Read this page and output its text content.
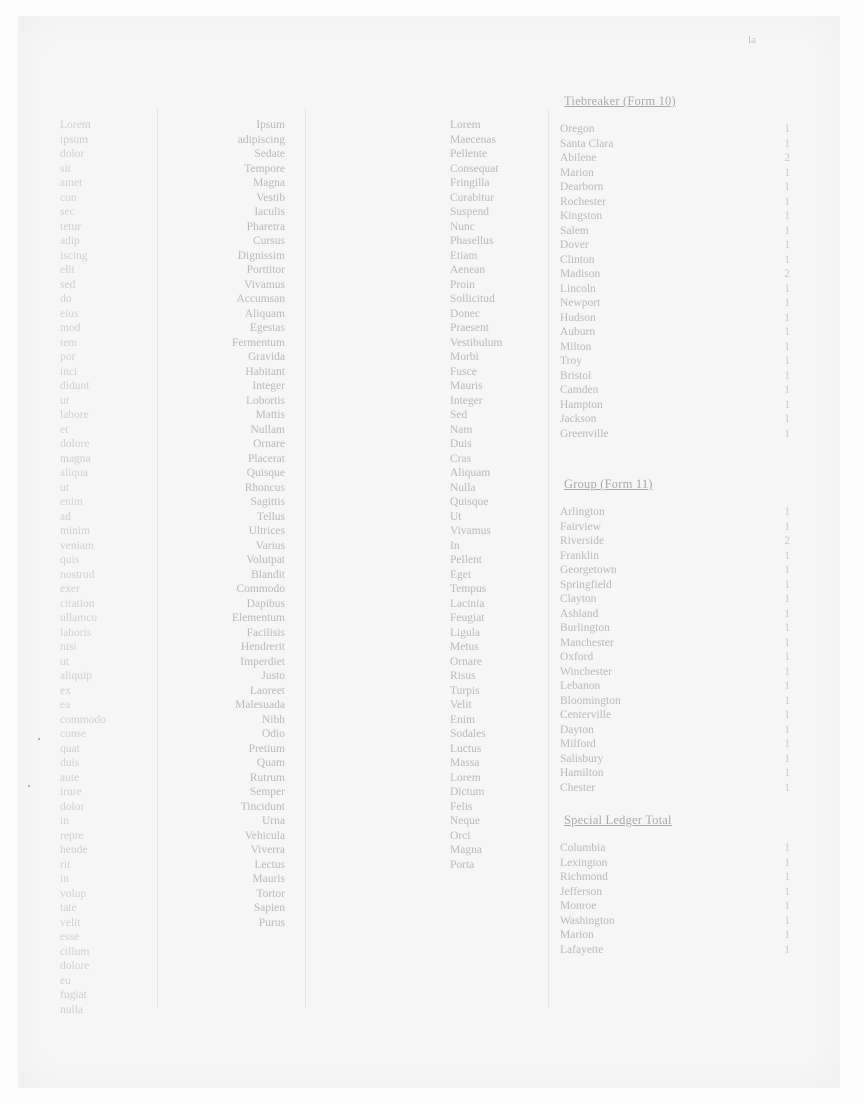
la
Tiebreaker (Form 10)
Group (Form 11)
Special Ledger Total
Lorem
ipsum
dolor
sit
amet
con
sec
tetur
adip
iscing
elit
sed
do
eius
mod
tem
por
inci
didunt
ut
labore
et
dolore
magna
aliqua
ut
enim
ad
minim
veniam
quis
nostrud
exer
citation
ullamco
laboris
nisi
ut
aliquip
ex
ea
commodo
conse
quat
duis
aute
irure
dolor
in
repre
hende
rit
in
volup
tate
velit
esse
cillum
dolore
eu
fugiat
nulla
Ipsum
adipiscing
Sedate
Tempore
Magna
Vestib
Iaculis
Pharetra
Cursus
Dignissim
Porttitor
Vivamus
Accumsan
Aliquam
Egestas
Fermentum
Gravida
Habitant
Integer
Lobortis
Mattis
Nullam
Ornare
Placerat
Quisque
Rhoncus
Sagittis
Tellus
Ultrices
Varius
Volutpat
Blandit
Commodo
Dapibus
Elementum
Facilisis
Hendrerit
Imperdiet
Justo
Laoreet
Malesuada
Nibh
Odio
Pretium
Quam
Rutrum
Semper
Tincidunt
Urna
Vehicula
Viverra
Lectus
Mauris
Tortor
Sapien
Purus
Lorem
Maecenas
Pellente
Consequat
Fringilla
Curabitur
Suspend
Nunc
Phasellus
Etiam
Aenean
Proin
Sollicitud
Donec
Praesent
Vestibulum
Morbi
Fusce
Mauris
Integer
Sed
Nam
Duis
Cras
Aliquam
Nulla
Quisque
Ut
Vivamus
In
Pellent
Eget
Tempus
Lacinia
Feugiat
Ligula
Metus
Ornare
Risus
Turpis
Velit
Enim
Sodales
Luctus
Massa
Lorem
Dictum
Felis
Neque
Orci
Magna
Porta
Oregon	1
Santa Clara	1
Abilene	2
Marion	1
Dearborn	1
Rochester	1
Kingston	1
Salem	1
Dover	1
Clinton	1
Madison	2
Lincoln	1
Newport	1
Hudson	1
Auburn	1
Milton	1
Troy	1
Bristol	1
Camden	1
Hampton	1
Jackson	1
Greenville	1
Arlington	1
Fairview	1
Riverside	2
Franklin	1
Georgetown	1
Springfield	1
Clayton	1
Ashland	1
Burlington	1
Manchester	1
Oxford	1
Winchester	1
Lebanon	1
Bloomington	1
Centerville	1
Dayton	1
Milford	1
Salisbury	1
Hamilton	1
Chester	1
Columbia	1
Lexington	1
Richmond	1
Jefferson	1
Monroe	1
Washington	1
Marion	1
Lafayette	1
